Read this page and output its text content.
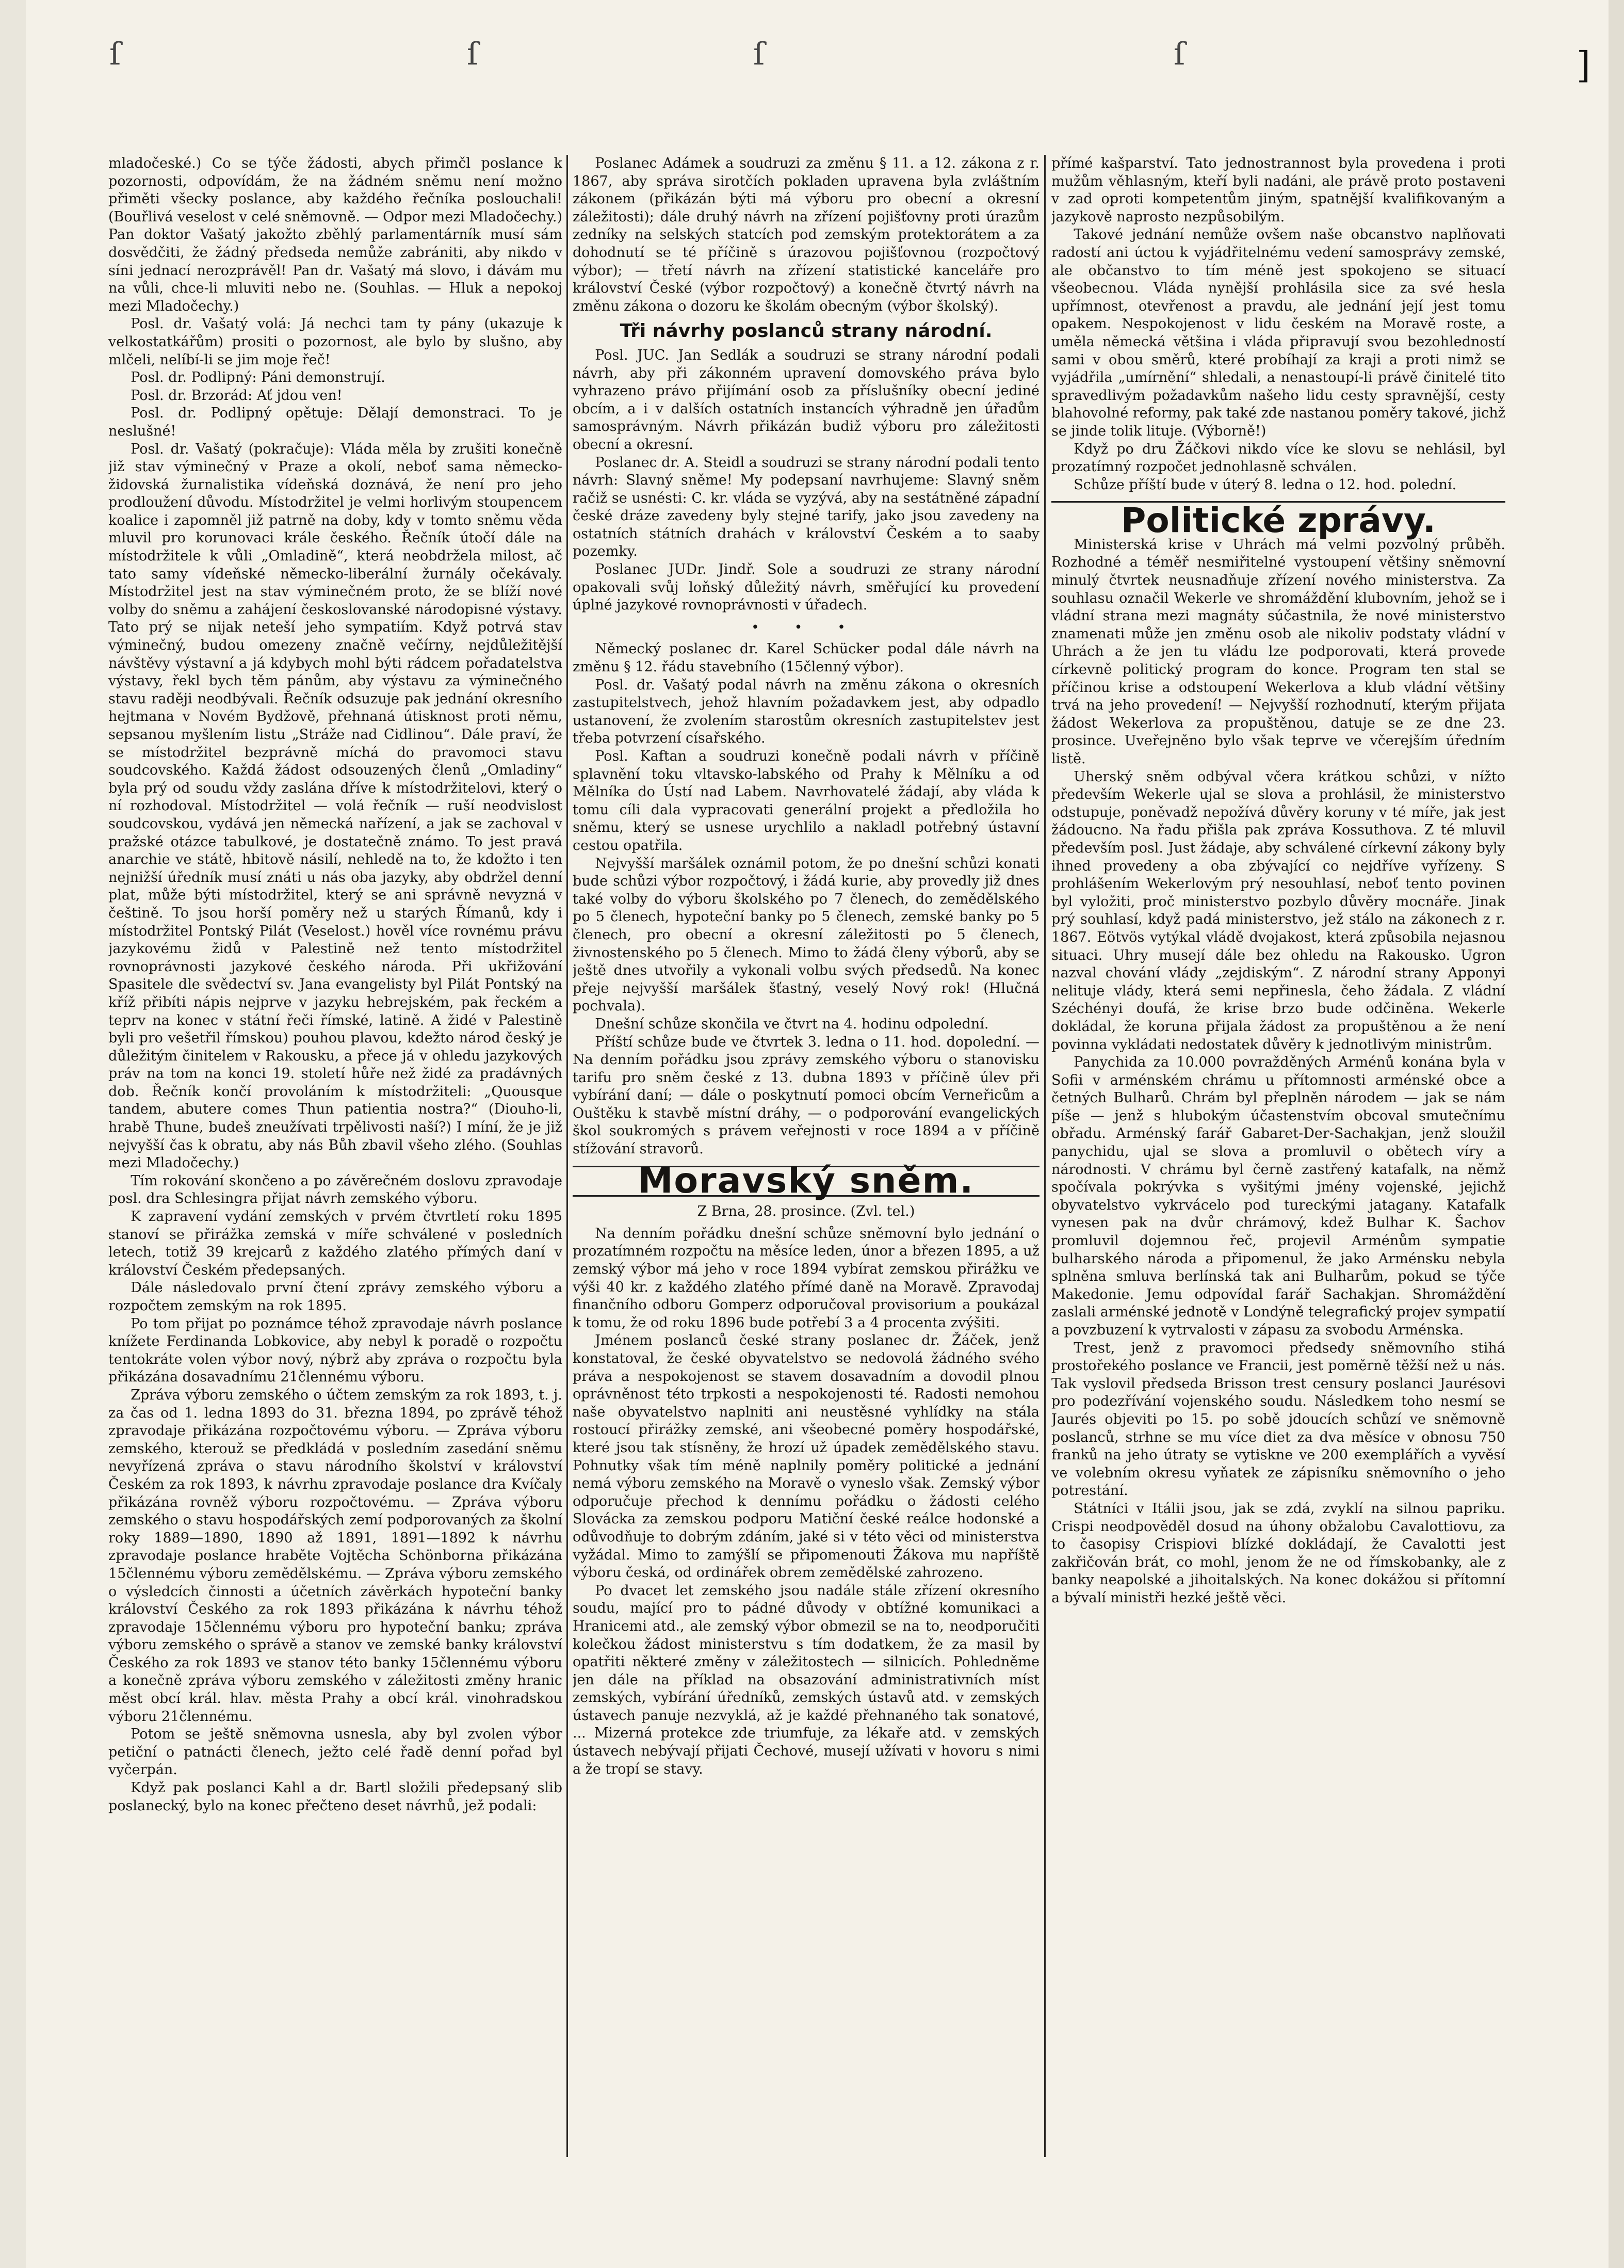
ſ	ſ	ſ	ſ	]

mladočeské.) Co se týče žádosti, abych přimčl poslance k pozornosti, odpovídám, že na žádném sněmu není možno přiměti všecky poslance, aby každého řečníka poslouchali! (Bouřlivá veselost v celé sněmovně. — Odpor mezi Mladočechy.) Pan doktor Vašatý jakožto zběhlý parlamentárník musí sám dosvědčiti, že žádný předseda nemůže zabrániti, aby nikdo v síni jednací nerozprávěl! Pan dr. Vašatý má slovo, i dávám mu na vůli, chce-li mluviti nebo ne. (Souhlas. — Hluk a nepokoj mezi Mladočechy.)

Posl. dr. Vašatý volá: Já nechci tam ty pány (ukazuje k velkostatkářům) prositi o pozornost, ale bylo by slušno, aby mlčeli, nelíbí-li se jim moje řeč!

Posl. dr. Podlipný: Páni demonstrují.

Posl. dr. Brzorád: Ať jdou ven!

Posl. dr. Podlipný opětuje: Dělají demonstraci. To je neslušné!

Posl. dr. Vašatý (pokračuje): Vláda měla by zrušiti konečně již stav výminečný v Praze a okolí, neboť sama německo-židovská žurnalistika vídeňská doznává, že není pro jeho prodloužení důvodu. Místodržitel je velmi horlivým stoupencem koalice i zapomněl již patrně na doby, kdy v tomto sněmu věda mluvil pro korunovaci krále českého. Řečník útočí dále na místodržitele k vůli „Omladině“, která neobdržela milost, ač tato samy vídeňské německo-liberální žurnály očekávaly. Místodržitel jest na stav výminečném proto, že se blíží nové volby do sněmu a zahájení českoslovanské národopisné výstavy. Tato prý se nijak neteší jeho sympatiím. Když potrvá stav výminečný, budou omezeny značně večírny, nejdůležitější návštěvy výstavní a já kdybych mohl býti rádcem pořadatelstva výstavy, řekl bych těm pánům, aby výstavu za výminečného stavu raději neodbývali. Řečník odsuzuje pak jednání okresního hejtmana v Novém Bydžově, přehnaná útisknost proti němu, sepsanou myšlením listu „Stráže nad Cidlinou“. Dále praví, že se místodržitel bezprávně míchá do pravomoci stavu soudcovského. Každá žádost odsouzených členů „Omladiny“ byla prý od soudu vždy zaslána dříve k místodržitelovi, který o ní rozhodoval. Místodržitel — volá řečník — ruší neodvislost soudcovskou, vydává jen německá nařízení, a jak se zachoval v pražské otázce tabulkové, je dostatečně známo. To jest pravá anarchie ve státě, hbitově násilí, nehledě na to, že kdožto i ten nejnižší úředník musí znáti u nás oba jazyky, aby obdržel denní plat, může býti místodržitel, který se ani správně nevyzná v češtině. To jsou horší poměry než u starých Římanů, kdy i místodržitel Pontský Pilát (Veselost.) hověl více rovnému právu jazykovému židů v Palestině než tento místodržitel rovnoprávnosti jazykové českého národa. Při ukřižování Spasitele dle svědectví sv. Jana evangelisty byl Pilát Pontský na kříž přibíti nápis nejprve v jazyku hebrejském, pak řeckém a teprv na konec v státní řeči římské, latině. A židé v Palestině byli pro vešetřil římskou) pouhou plavou, kdežto národ český je důležitým činitelem v Rakousku, a přece já v ohledu jazykových práv na tom na konci 19. století hůře než židé za pradávných dob. Řečník končí provoláním k místodržiteli: „Quousque tandem, abutere comes Thun patientia nostra?“ (Diouho-li, hrabě Thune, budeš zneužívati trpělivosti naší?) I míní, že je již nejvyšší čas k obratu, aby nás Bůh zbavil všeho zlého. (Souhlas mezi Mladočechy.)

Tím rokování skončeno a po závěrečném doslovu zpravodaje posl. dra Schlesingra přijat návrh zemského výboru.

K zapravení vydání zemských v prvém čtvrtletí roku 1895 stanoví se přirážka zemská v míře schválené v posledních letech, totiž 39 krejcarů z každého zlatého přímých daní v království Českém předepsaných.

Dále následovalo první čtení zprávy zemského výboru a rozpočtem zemským na rok 1895.

Po tom přijat po poznámce téhož zpravodaje návrh poslance knížete Ferdinanda Lobkovice, aby nebyl k poradě o rozpočtu tentokráte volen výbor nový, nýbrž aby zpráva o rozpočtu byla přikázána dosavadnímu 21člennému výboru.

Zpráva výboru zemského o účtem zemským za rok 1893, t. j. za čas od 1. ledna 1893 do 31. března 1894, po zprávě téhož zpravodaje přikázána rozpočtovému výboru. — Zpráva výboru zemského, kterouž se předkládá v posledním zasedání sněmu nevyřízená zpráva o stavu národního školství v království Českém za rok 1893, k návrhu zpravodaje poslance dra Kvíčaly přikázána rovněž výboru rozpočtovému. — Zpráva výboru zemského o stavu hospodářských zemí podporovaných za školní roky 1889—1890, 1890 až 1891, 1891—1892 k návrhu zpravodaje poslance hraběte Vojtěcha Schönborna přikázána 15člennému výboru zemědělskému. — Zpráva výboru zemského o výsledcích činnosti a účetních závěrkách hypoteční banky království Českého za rok 1893 přikázána k návrhu téhož zpravodaje 15člennému výboru pro hypoteční banku; zpráva výboru zemského o správě a stanov ve zemské banky království Českého za rok 1893 ve stanov této banky 15člennému výboru a konečně zpráva výboru zemského v záležitosti změny hranic měst obcí král. hlav. města Prahy a obcí král. vinohradskou výboru 21člennému.

Potom se ještě sněmovna usnesla, aby byl zvolen výbor petiční o patnácti členech, ježto celé řadě denní pořad byl vyčerpán.

Když pak poslanci Kahl a dr. Bartl složili předepsaný slib poslanecký, bylo na konec přečteno deset návrhů, jež podali:

Poslanec Adámek a soudruzi za změnu § 11. a 12. zákona z r. 1867, aby správa sirotčích pokladen upravena byla zvláštním zákonem (přikázán býti má výboru pro obecní a okresní záležitosti); dále druhý návrh na zřízení pojišťovny proti úrazům zedníky na selských statcích pod zemským protektorátem a za dohodnutí se té příčině s úrazovou pojišťovnou (rozpočtový výbor); — třetí návrh na zřízení statistické kanceláře pro království České (výbor rozpočtový) a konečně čtvrtý návrh na změnu zákona o dozoru ke školám obecným (výbor školský).

Tři návrhy poslanců strany národní.

Posl. JUC. Jan Sedlák a soudruzi se strany národní podali návrh, aby při zákonném upravení domovského práva bylo vyhrazeno právo přijímání osob za příslušníky obecní jediné obcím, a i v dalších ostatních instancích výhradně jen úřadům samosprávným. Návrh přikázán budiž výboru pro záležitosti obecní a okresní.

Poslanec dr. A. Steidl a soudruzi se strany národní podali tento návrh: Slavný sněme! My podepsaní navrhujeme: Slavný sněm račiž se usnésti: C. kr. vláda se vyzývá, aby na sestátněné západní české dráze zavedeny byly stejné tarify, jako jsou zavedeny na ostatních státních drahách v království Českém a to saaby pozemky.

Poslanec JUDr. Jindř. Sole a soudruzi ze strany národní opakovali svůj loňský důležitý návrh, směřující ku provedení úplné jazykové rovnoprávnosti v úřadech.

• • •

Německý poslanec dr. Karel Schücker podal dále návrh na změnu § 12. řádu stavebního (15členný výbor).

Posl. dr. Vašatý podal návrh na změnu zákona o okresních zastupitelstvech, jehož hlavním požadavkem jest, aby odpadlo ustanovení, že zvolením starostům okresních zastupitelstev jest třeba potvrzení císařského.

Posl. Kaftan a soudruzi konečně podali návrh v příčině splavnění toku vltavsko-labského od Prahy k Mělníku a od Mělníka do Ústí nad Labem. Navrhovatelé žádají, aby vláda k tomu cíli dala vypracovati generální projekt a předložila ho sněmu, který se usnese urychlilo a nakladl potřebný ústavní cestou opatřila.

Nejvyšší maršálek oznámil potom, že po dnešní schůzi konati bude schůzi výbor rozpočtový, i žádá kurie, aby provedly již dnes také volby do výboru školského po 7 členech, do zemědělského po 5 členech, hypoteční banky po 5 členech, zemské banky po 5 členech, pro obecní a okresní záležitosti po 5 členech, živnostenského po 5 členech. Mimo to žádá členy výborů, aby se ještě dnes utvořily a vykonali volbu svých předsedů. Na konec přeje nejvyšší maršálek šťastný, veselý Nový rok! (Hlučná pochvala).

Dnešní schůze skončila ve čtvrt na 4. hodinu odpolední.

Příští schůze bude ve čtvrtek 3. ledna o 11. hod. dopolední. — Na denním pořádku jsou zprávy zemského výboru o stanovisku tarifu pro sněm české z 13. dubna 1893 v příčině úlev při vybírání daní; — dále o poskytnutí pomoci obcím Verneřicům a Ouštěku k stavbě místní dráhy, — o podporování evangelických škol soukromých s právem veřejnosti v roce 1894 a v příčině stížování stravorů.

Moravský sněm.
Z Brna, 28. prosince. (Zvl. tel.)

Na denním pořádku dnešní schůze sněmovní bylo jednání o prozatímném rozpočtu na měsíce leden, únor a březen 1895, a už zemský výbor má jeho v roce 1894 vybírat zemskou přirážku ve výši 40 kr. z každého zlatého přímé daně na Moravě. Zpravodaj finančního odboru Gomperz odporučoval provisorium a poukázal k tomu, že od roku 1896 bude potřebí 3 a 4 procenta zvýšiti.

Jménem poslanců české strany poslanec dr. Žáček, jenž konstatoval, že české obyvatelstvo se nedovolá žádného svého práva a nespokojenost se stavem dosavadním a dovodil plnou oprávněnost této trpkosti a nespokojenosti té. Radosti nemohou naše obyvatelstvo naplniti ani neustěsné vyhlídky na stála rostoucí přirážky zemské, ani všeobecné poměry hospodářské, které jsou tak stísněny, že hrozí už úpadek zemědělského stavu. Pohnutky však tím méně naplnily poměry politické a jednání nemá výboru zemského na Moravě o vyneslo však. Zemský výbor odporučuje přechod k dennímu pořádku o žádosti celého Slovácka za zemskou podporu Matiční české reálce hodonské a odůvodňuje to dobrým zdáním, jaké si v této věci od ministerstva vyžádal. Mimo to zamýšlí se připomenouti Žákova mu napříště výboru česká, od ordinářek obrem zemědělské zahrozeno.

Po dvacet let zemského jsou nadále stále zřízení okresního soudu, mající pro to pádné důvody v obtížné komunikaci a Hranicemi atd., ale zemský výbor obmezil se na to, neodporučiti kolečkou žádost ministerstvu s tím dodatkem, že za masil by opatřiti některé změny v záležitostech — silnicích. Pohledněme jen dále na příklad na obsazování administrativních míst zemských, vybírání úředníků, zemských ústavů atd. v zemských ústavech panuje nezvyklá, až je každé přehnaného tak sonatové, ... Mizerná protekce zde triumfuje, za lékaře atd. v zemských ústavech nebývají přijati Čechové, musejí užívati v hovoru s nimi a že tropí se stavy.

přímé kašparství. Tato jednostrannost byla provedena i proti mužům věhlasným, kteří byli nadáni, ale právě proto postaveni v zad oproti kompetentům jiným, spatnější kvalifikovaným a jazykově naprosto nezpůsobilým.

Takové jednání nemůže ovšem naše obcanstvo naplňovati radostí ani úctou k vyjádřitelnému vedení samosprávy zemské, ale občanstvo to tím méně jest spokojeno se situací všeobecnou. Vláda nynější prohlásila sice za své hesla upřímnost, otevřenost a pravdu, ale jednání její jest tomu opakem. Nespokojenost v lidu českém na Moravě roste, a uměla německá většina i vláda připravují svou bezohledností sami v obou směrů, které probíhají za kraji a proti nimž se vyjádřila „umírnění“ shledali, a nenastoupí-li právě činitelé tito spravedlivým požadavkům našeho lidu cesty spravnější, cesty blahovolné reformy, pak také zde nastanou poměry takové, jichž se jinde tolik lituje. (Výborně!)

Když po dru Žáčkovi nikdo více ke slovu se nehlásil, byl prozatímný rozpočet jednohlasně schválen.

Schůze příští bude v úterý 8. ledna o 12. hod. polední.

Politické zprávy.

Ministerská krise v Uhrách má velmi pozvolný průběh. Rozhodné a téměř nesmiřitelné vystoupení většiny sněmovní minulý čtvrtek neusnadňuje zřízení nového ministerstva. Za souhlasu označil Wekerle ve shromáždění klubovním, jehož se i vládní strana mezi magnáty súčastnila, že nové ministerstvo znamenati může jen změnu osob ale nikoliv podstaty vládní v Uhrách a že jen tu vládu lze podporovati, která provede církevně politický program do konce. Program ten stal se příčinou krise a odstoupení Wekerlova a klub vládní většiny trvá na jeho provedení! — Nejvyšší rozhodnutí, kterým přijata žádost Wekerlova za propuštěnou, datuje se ze dne 23. prosince. Uveřejněno bylo však teprve ve včerejším úředním listě.

Uherský sněm odbýval včera krátkou schůzi, v nížto především Wekerle ujal se slova a prohlásil, že ministerstvo odstupuje, poněvadž nepožívá důvěry koruny v té míře, jak jest žádoucno. Na řadu přišla pak zpráva Kossuthova. Z té mluvil především posl. Just žádaje, aby schválené církevní zákony byly ihned provedeny a oba zbývající co nejdříve vyřízeny. S prohlášením Wekerlovým prý nesouhlasí, neboť tento povinen byl vyložiti, proč ministerstvo pozbylo důvěry mocnáře. Jinak prý souhlasí, když padá ministerstvo, jež stálo na zákonech z r. 1867. Eötvös vytýkal vládě dvojakost, která způsobila nejasnou situaci. Uhry musejí dále bez ohledu na Rakousko. Ugron nazval chování vlády „zejdiským“. Z národní strany Apponyi nelituje vlády, která semi nepřinesla, čeho žádala. Z vládní Széchényi doufá, že krise brzo bude odčiněna. Wekerle dokládal, že koruna přijala žádost za propuštěnou a že není povinna vykládati nedostatek důvěry k jednotlivým ministrům.

Panychida za 10.000 povražděných Arménů konána byla v Sofii v arménském chrámu u přítomnosti arménské obce a četných Bulharů. Chrám byl přeplněn národem — jak se nám píše — jenž s hlubokým účastenstvím obcoval smutečnímu obřadu. Arménský farář Gabaret-Der-Sachakjan, jenž sloužil panychidu, ujal se slova a promluvil o obětech víry a národnosti. V chrámu byl černě zastřený katafalk, na němž spočívala pokrývka s vyšitými jmény vojenské, jejichž obyvatelstvo vykrvácelo pod tureckými jatagany. Katafalk vynesen pak na dvůr chrámový, kdež Bulhar K. Šachov promluvil dojemnou řeč, projevil Arménům sympatie bulharského národa a připomenul, že jako Arménsku nebyla splněna smluva berlínská tak ani Bulharům, pokud se týče Makedonie. Jemu odpovídal farář Sachakjan. Shromáždění zaslali arménské jednotě v Londýně telegrafický projev sympatií a povzbuzení k vytrvalosti v zápasu za svobodu Arménska.

Trest, jenž z pravomoci předsedy sněmovního stihá prostořekého poslance ve Francii, jest poměrně těžší než u nás. Tak vyslovil předseda Brisson trest censury poslanci Jaurésovi pro podezřívání vojenského soudu. Následkem toho nesmí se Jaurés objeviti po 15. po sobě jdoucích schůzí ve sněmovně poslanců, strhne se mu více diet za dva měsíce v obnosu 750 franků na jeho útraty se vytiskne ve 200 exemplářích a vyvěsí ve volebním okresu vyňatek ze zápisníku sněmovního o jeho potrestání.

Státníci v Itálii jsou, jak se zdá, zvyklí na silnou papriku. Crispi neodpověděl dosud na úhony obžalobu Cavalottiovu, za to časopisy Crispiovi blízké dokládají, že Cavalotti jest zakřičován brát, co mohl, jenom že ne od římskobanky, ale z banky neapolské a jihoitalských. Na konec dokážou si přítomní a bývalí ministři hezké ještě věci.
